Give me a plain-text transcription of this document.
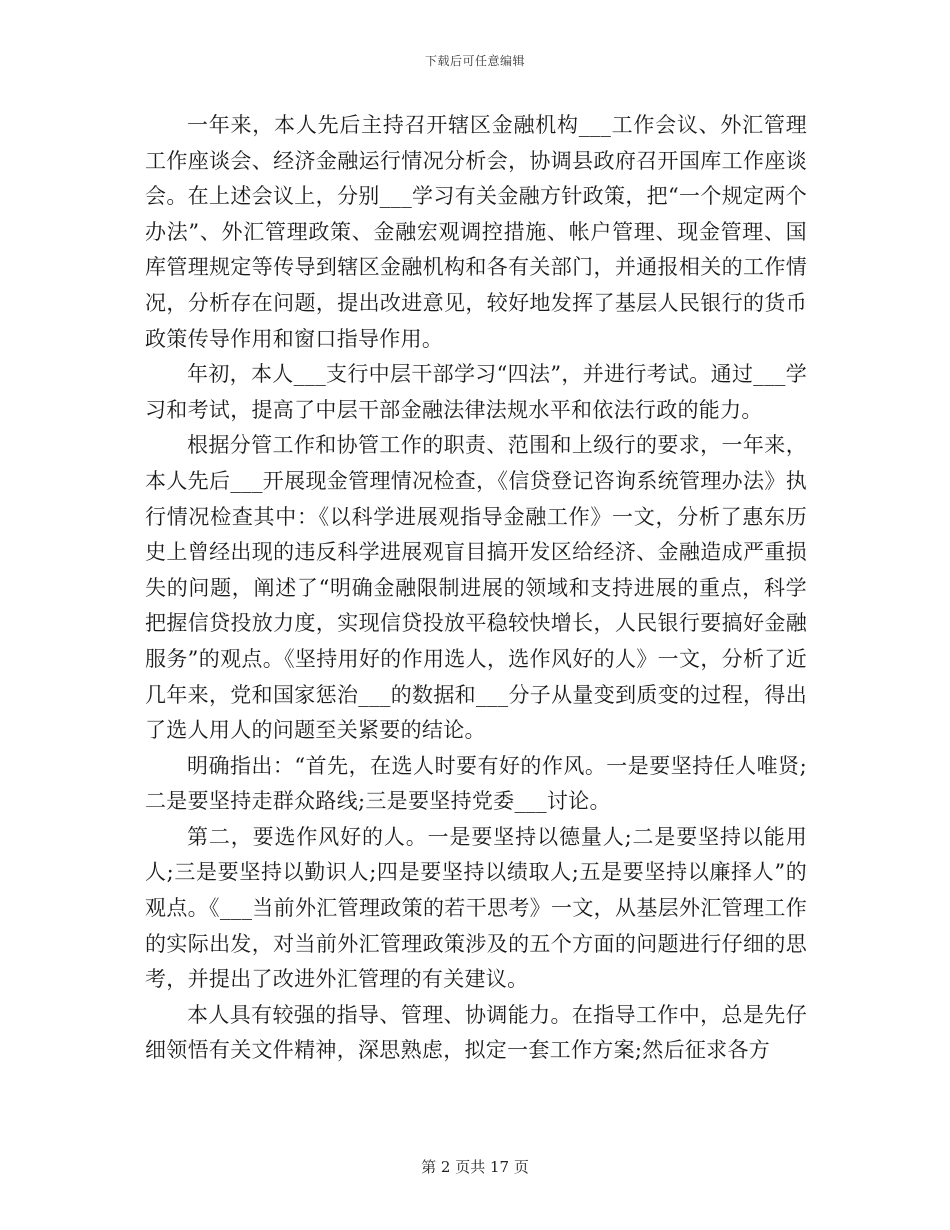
下载后可任意编辑

一年来，本人先后主持召开辖区金融机构___工作会议、外汇管理工作座谈会、经济金融运行情况分析会，协调县政府召开国库工作座谈会。在上述会议上，分别___学习有关金融方针政策，把“一个规定两个办法”、外汇管理政策、金融宏观调控措施、帐户管理、现金管理、国库管理规定等传导到辖区金融机构和各有关部门，并通报相关的工作情况，分析存在问题，提出改进意见，较好地发挥了基层人民银行的货币政策传导作用和窗口指导作用。

年初，本人___支行中层干部学习“四法”，并进行考试。通过___学习和考试，提高了中层干部金融法律法规水平和依法行政的能力。

根据分管工作和协管工作的职责、范围和上级行的要求，一年来，本人先后___开展现金管理情况检查，《信贷登记咨询系统管理办法》执行情况检查其中：《以科学进展观指导金融工作》一文，分析了惠东历史上曾经出现的违反科学进展观盲目搞开发区给经济、金融造成严重损失的问题，阐述了“明确金融限制进展的领域和支持进展的重点，科学把握信贷投放力度，实现信贷投放平稳较快增长，人民银行要搞好金融服务”的观点。《坚持用好的作用选人，选作风好的人》一文，分析了近几年来，党和国家惩治___的数据和___分子从量变到质变的过程，得出了选人用人的问题至关紧要的结论。

明确指出：“首先，在选人时要有好的作风。一是要坚持任人唯贤;二是要坚持走群众路线;三是要坚持党委___讨论。

第二，要选作风好的人。一是要坚持以德量人;二是要坚持以能用人;三是要坚持以勤识人;四是要坚持以绩取人;五是要坚持以廉择人”的观点。《___当前外汇管理政策的若干思考》一文，从基层外汇管理工作的实际出发，对当前外汇管理政策涉及的五个方面的问题进行仔细的思考，并提出了改进外汇管理的有关建议。

本人具有较强的指导、管理、协调能力。在指导工作中，总是先仔细领悟有关文件精神，深思熟虑，拟定一套工作方案;然后征求各方

第 2 页共 17 页
